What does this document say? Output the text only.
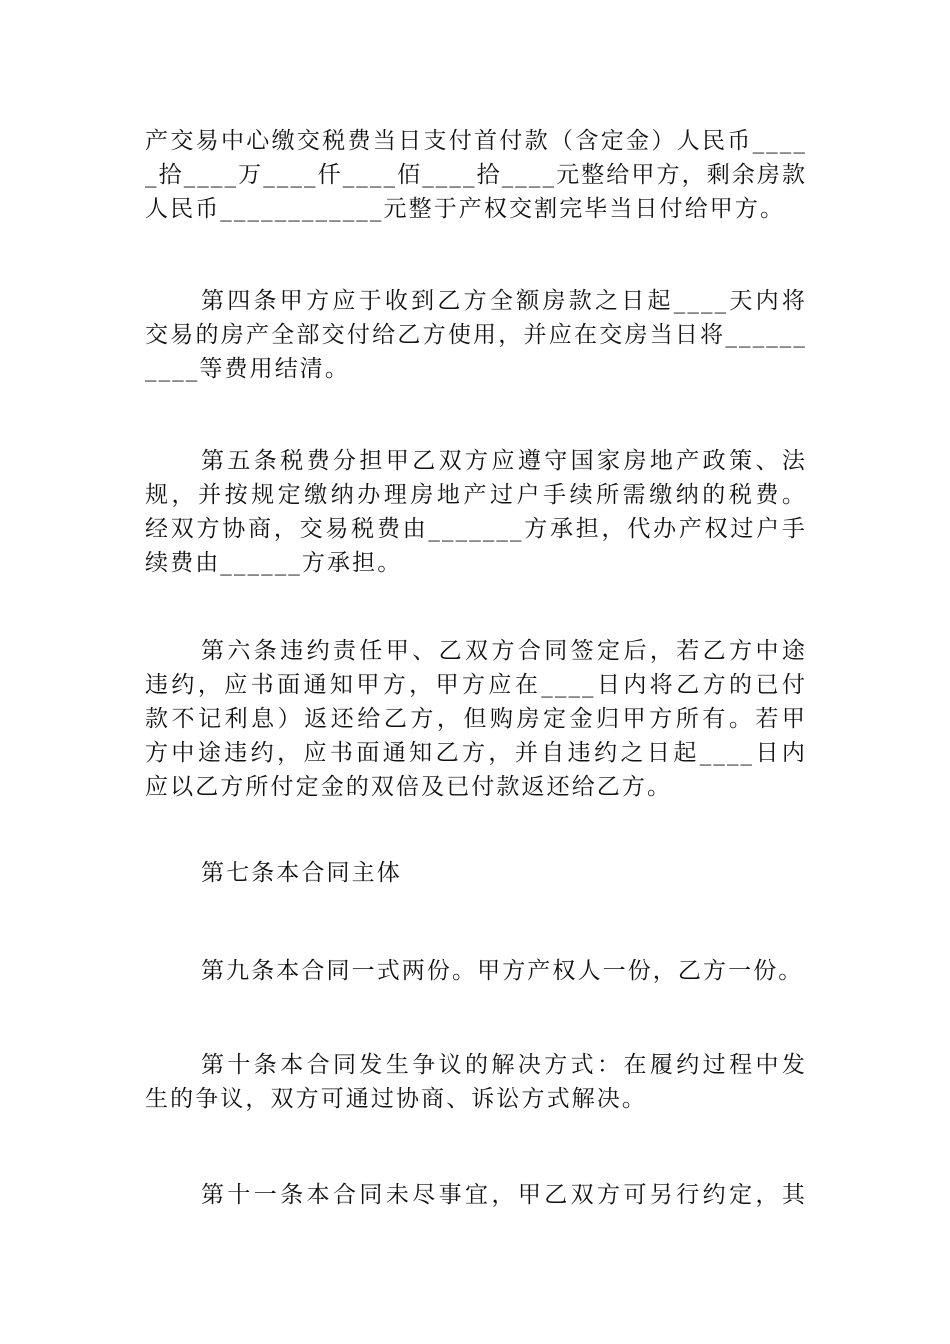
产交易中心缴交税费当日支付首付款（含定金）人民币____
_拾____万____仟____佰____拾____元整给甲方，剩余房款
人民币____________元整于产权交割完毕当日付给甲方。

第四条甲方应于收到乙方全额房款之日起____天内将
交易的房产全部交付给乙方使用，并应在交房当日将______
____等费用结清。

第五条税费分担甲乙双方应遵守国家房地产政策、法
规，并按规定缴纳办理房地产过户手续所需缴纳的税费。
经双方协商，交易税费由_______方承担，代办产权过户手
续费由______方承担。

第六条违约责任甲、乙双方合同签定后，若乙方中途
违约，应书面通知甲方，甲方应在____日内将乙方的已付
款不记利息）返还给乙方，但购房定金归甲方所有。若甲
方中途违约，应书面通知乙方，并自违约之日起____日内
应以乙方所付定金的双倍及已付款返还给乙方。

第七条本合同主体

第九条本合同一式两份。甲方产权人一份，乙方一份。

第十条本合同发生争议的解决方式：在履约过程中发
生的争议，双方可通过协商、诉讼方式解决。

第十一条本合同未尽事宜，甲乙双方可另行约定，其
